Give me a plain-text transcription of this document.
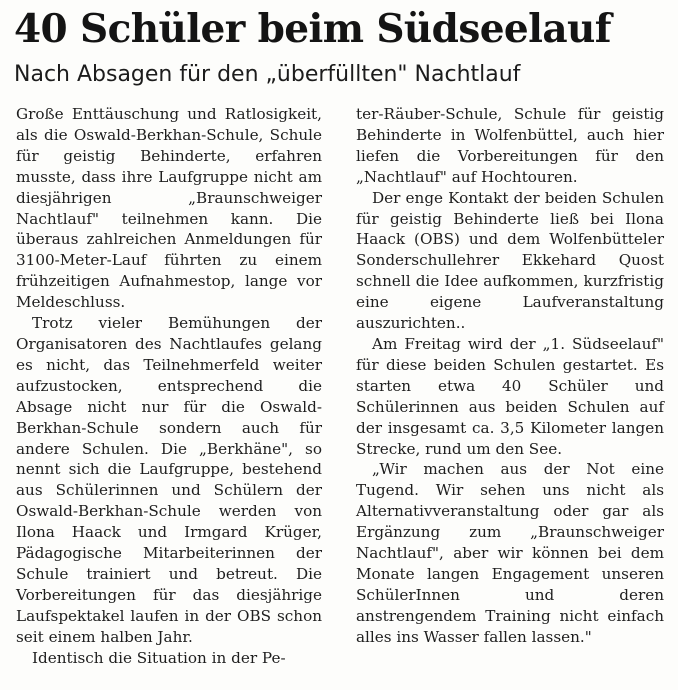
40 Schüler beim Südseelauf
Nach Absagen für den „überfüllten" Nachtlauf

Große Enttäuschung und Ratlosigkeit, als die Oswald-Berkhan-Schule, Schule für geistig Behinderte, erfahren musste, dass ihre Laufgruppe nicht am diesjährigen „Braunschweiger Nachtlauf" teilnehmen kann. Die überaus zahlreichen Anmeldungen für 3100-Meter-Lauf führten zu einem frühzeitigen Aufnahmestop, lange vor Meldeschluss.

Trotz vieler Bemühungen der Organisatoren des Nachtlaufes gelang es nicht, das Teilnehmerfeld weiter aufzustocken, entsprechend die Absage nicht nur für die Oswald-Berkhan-Schule sondern auch für andere Schulen. Die „Berkhäne", so nennt sich die Laufgruppe, bestehend aus Schülerinnen und Schülern der Oswald-Berkhan-Schule werden von Ilona Haack und Irmgard Krüger, Pädagogische Mitarbeiterinnen der Schule trainiert und betreut. Die Vorbereitungen für das diesjährige Laufspektakel laufen in der OBS schon seit einem halben Jahr.

Identisch die Situation in der Pe-

ter-Räuber-Schule, Schule für geistig Behinderte in Wolfenbüttel, auch hier liefen die Vorbereitungen für den „Nachtlauf" auf Hochtouren.

Der enge Kontakt der beiden Schulen für geistig Behinderte ließ bei Ilona Haack (OBS) und dem Wolfenbütteler Sonderschullehrer Ekkehard Quost schnell die Idee aufkommen, kurzfristig eine eigene Laufveranstaltung auszurichten..

Am Freitag wird der „1. Südseelauf" für diese beiden Schulen gestartet. Es starten etwa 40 Schüler und Schülerinnen aus beiden Schulen auf der insgesamt ca. 3,5 Kilometer langen Strecke, rund um den See.

„Wir machen aus der Not eine Tugend. Wir sehen uns nicht als Alternativveranstaltung oder gar als Ergänzung zum „Braunschweiger Nachtlauf", aber wir können bei dem Monate langen Engagement unseren SchülerInnen und deren anstrengendem Training nicht einfach alles ins Wasser fallen lassen."
